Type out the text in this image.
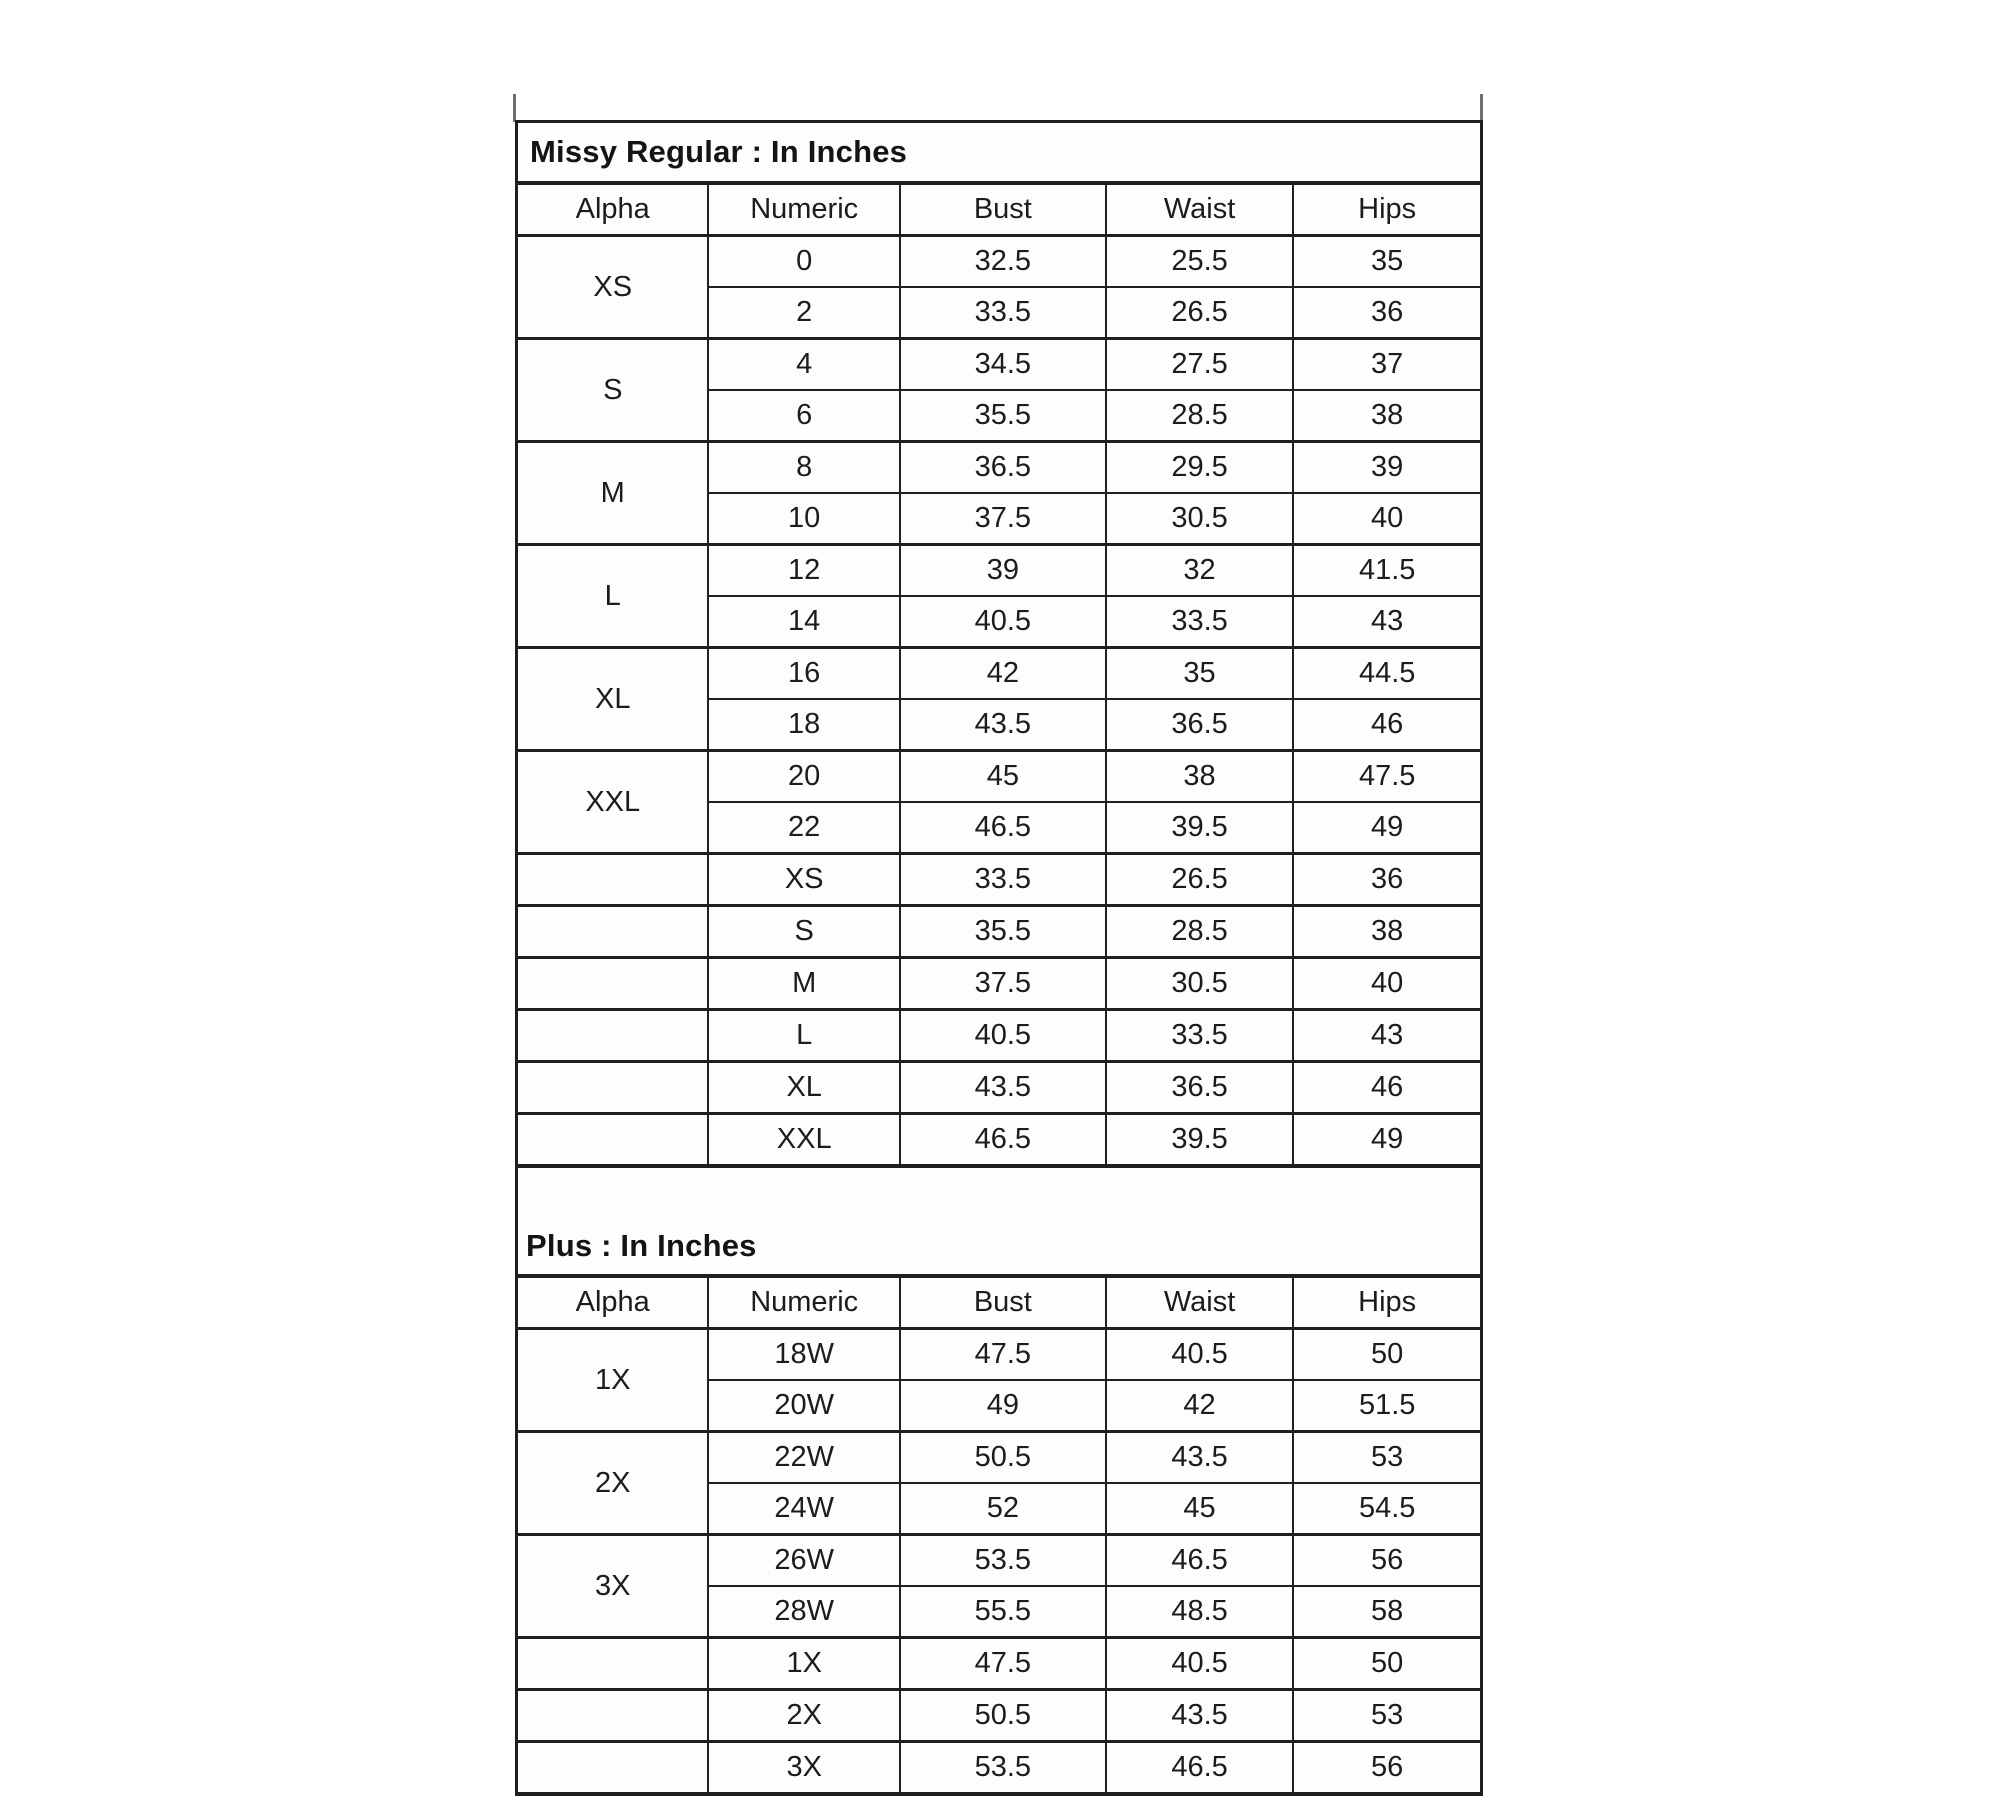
Missy Regular : In Inches
Alpha	Numeric	Bust	Waist	Hips
XS	0	32.5	25.5	35
	2	33.5	26.5	36
S	4	34.5	27.5	37
	6	35.5	28.5	38
M	8	36.5	29.5	39
	10	37.5	30.5	40
L	12	39	32	41.5
	14	40.5	33.5	43
XL	16	42	35	44.5
	18	43.5	36.5	46
XXL	20	45	38	47.5
	22	46.5	39.5	49
	XS	33.5	26.5	36
	S	35.5	28.5	38
	M	37.5	30.5	40
	L	40.5	33.5	43
	XL	43.5	36.5	46
	XXL	46.5	39.5	49
Plus : In Inches
Alpha	Numeric	Bust	Waist	Hips
1X	18W	47.5	40.5	50
	20W	49	42	51.5
2X	22W	50.5	43.5	53
	24W	52	45	54.5
3X	26W	53.5	46.5	56
	28W	55.5	48.5	58
	1X	47.5	40.5	50
	2X	50.5	43.5	53
	3X	53.5	46.5	56
